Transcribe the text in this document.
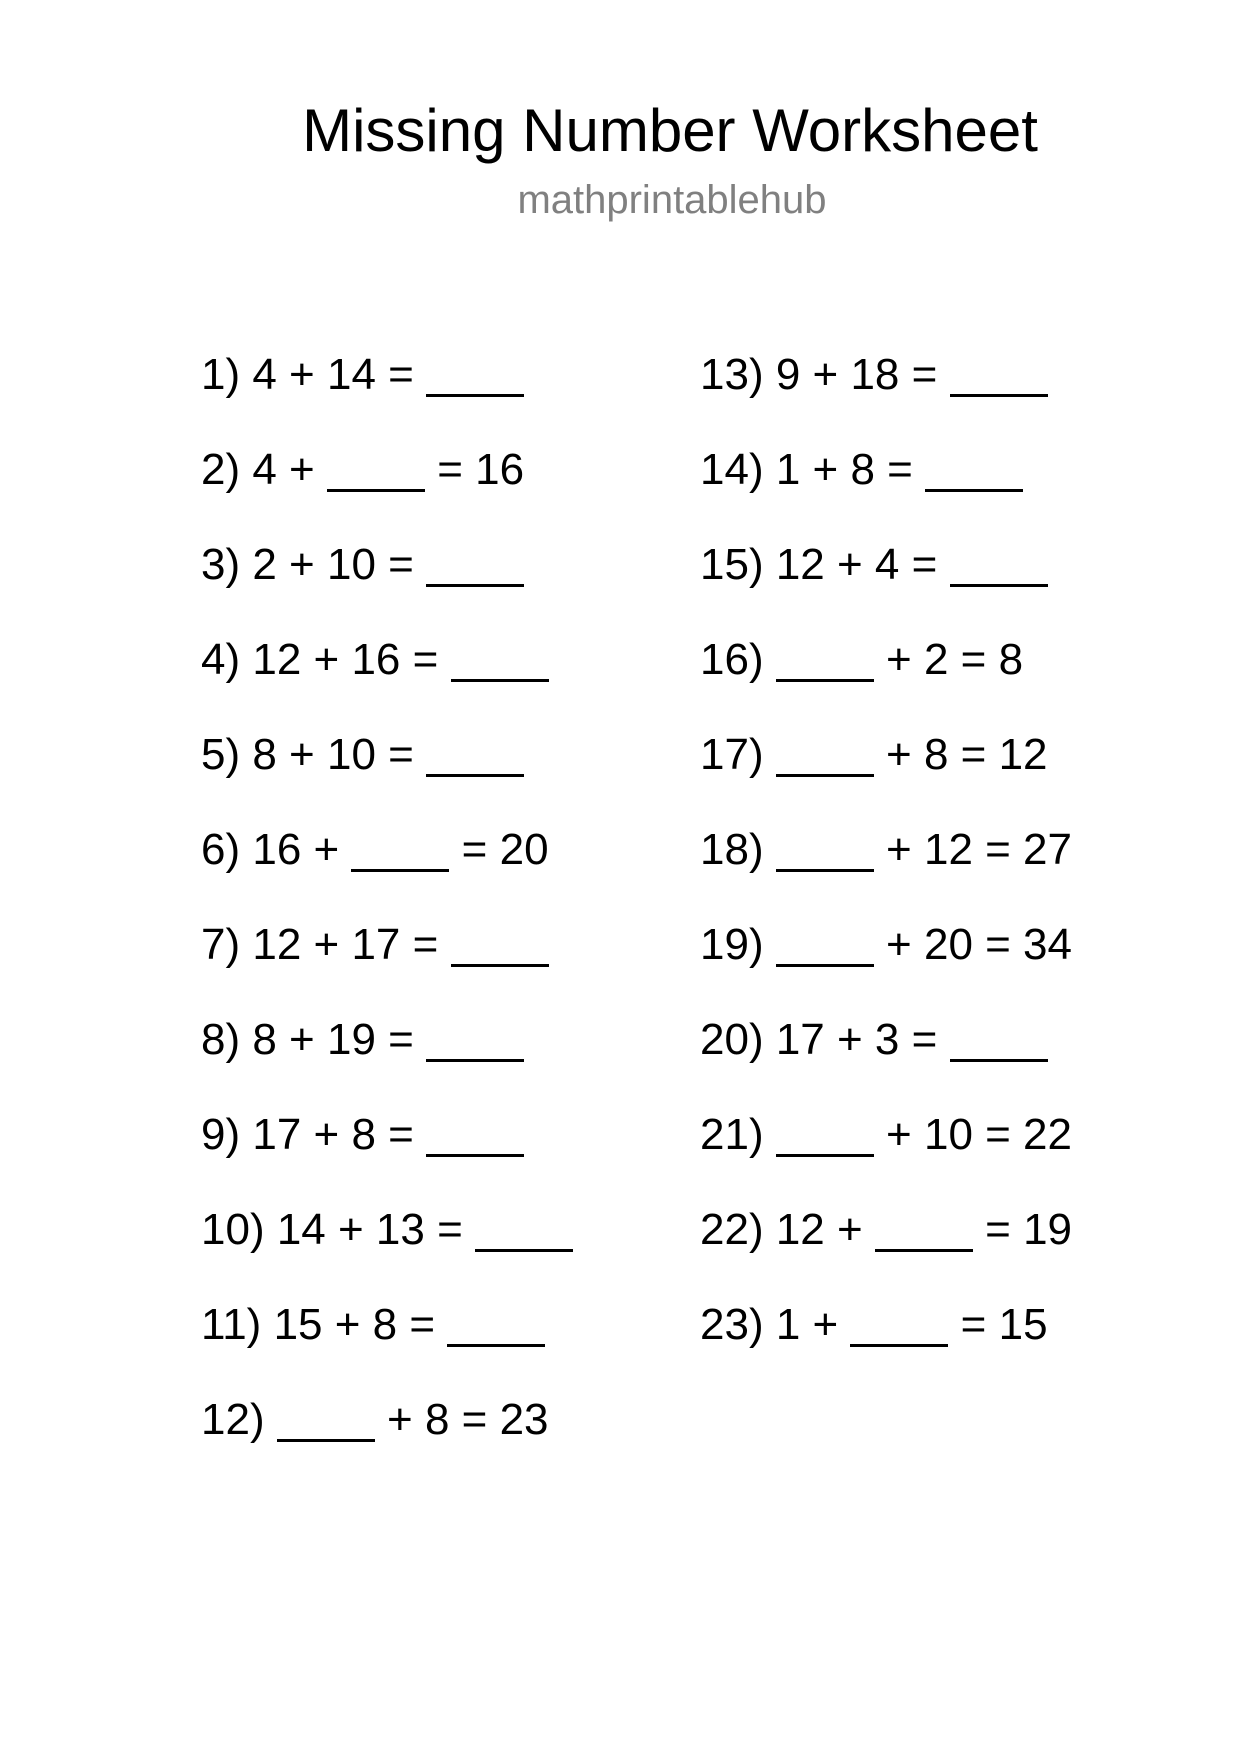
Missing Number Worksheet
mathprintablehub
1) 4 + 14 =
2) 4 +  = 16
3) 2 + 10 =
4) 12 + 16 =
5) 8 + 10 =
6) 16 +  = 20
7) 12 + 17 =
8) 8 + 19 =
9) 17 + 8 =
10) 14 + 13 =
11) 15 + 8 =
12)	+ 8 = 23
13) 9 + 18 =
14) 1 + 8 =
15) 12 + 4 =
16)	+ 2 = 8
17)	+ 8 = 12
18)	+ 12 = 27
19)	+ 20 = 34
20) 17 + 3 =
21)	+ 10 = 22
22) 12 +  = 19
23) 1 +  = 15
